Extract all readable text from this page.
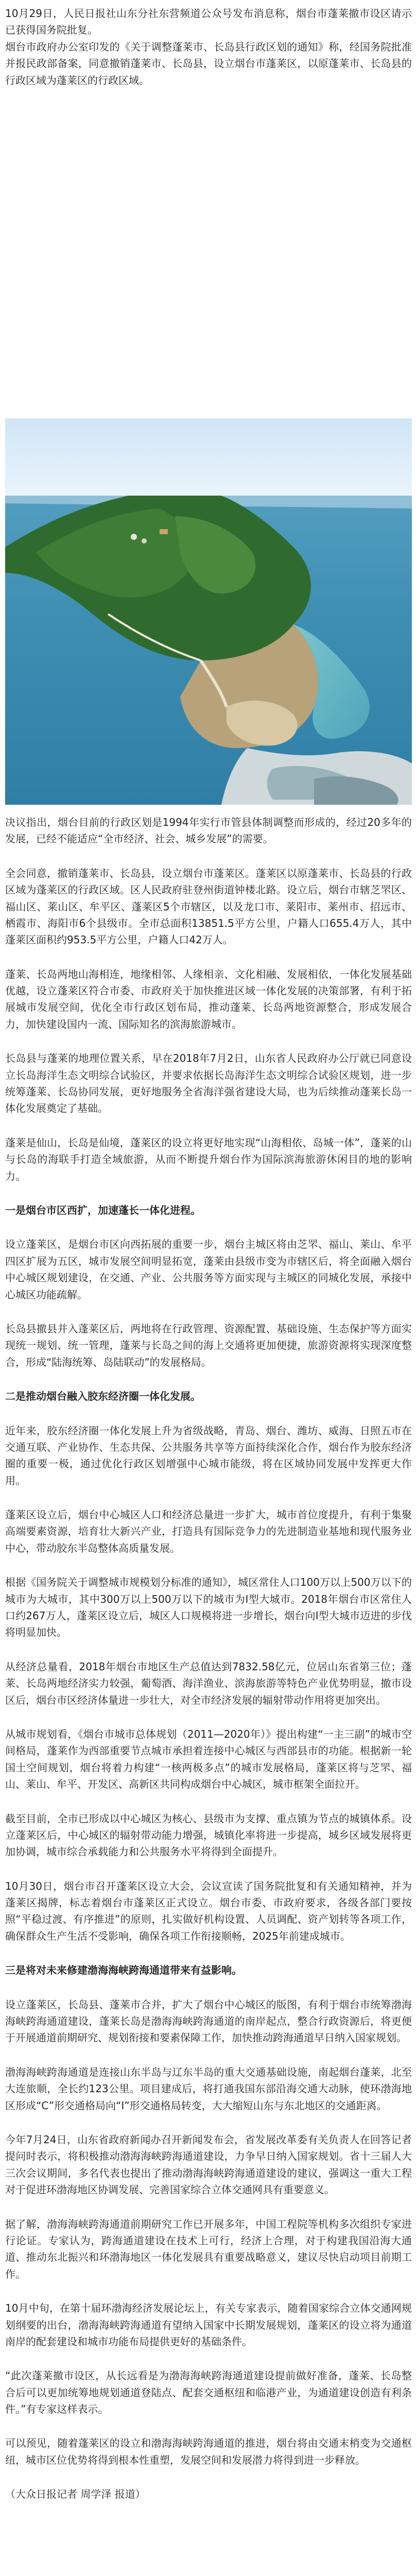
10月29日，人民日报社山东分社东营频道公众号发布消息称，烟台市蓬莱撤市设区请示已获得国务院批复。

烟台市政府办公室印发的《关于调整蓬莱市、长岛县行政区划的通知》称，经国务院批准并报民政部备案，同意撤销蓬莱市、长岛县，设立烟台市蓬莱区，以原蓬莱市、长岛县的行政区域为蓬莱区的行政区域。

决议指出，烟台目前的行政区划是1994年实行市管县体制调整而形成的，经过20多年的发展，已经不能适应“全市经济、社会、城乡发展”的需要。

全会同意，撤销蓬莱市、长岛县，设立烟台市蓬莱区。蓬莱区以原蓬莱市、长岛县的行政区域为蓬莱区的行政区域。区人民政府驻登州街道钟楼北路。设立后，烟台市辖芝罘区、福山区、莱山区、牟平区、蓬莱区5个市辖区，以及龙口市、莱阳市、莱州市、招远市、栖霞市、海阳市6个县级市。全市总面积13851.5平方公里，户籍人口655.4万人，其中蓬莱区面积约953.5平方公里，户籍人口42万人。

蓬莱、长岛两地山海相连，地缘相邻、人缘相亲、文化相融、发展相依，一体化发展基础优越，设立蓬莱区符合市委、市政府关于加快推进区域一体化发展的决策部署，有利于拓展城市发展空间，优化全市行政区划布局，推动蓬莱、长岛两地资源整合，形成发展合力，加快建设国内一流、国际知名的滨海旅游城市。

长岛县与蓬莱的地理位置关系，早在2018年7月2日，山东省人民政府办公厅就已同意设立长岛海洋生态文明综合试验区，并要求依据长岛海洋生态文明综合试验区规划，进一步统筹蓬莱、长岛协同发展，更好地服务全省海洋强省建设大局，也为后续推动蓬莱长岛一体化发展奠定了基础。

蓬莱是仙山，长岛是仙境，蓬莱区的设立将更好地实现“山海相依、岛城一体”，蓬莱的山与长岛的海联手打造全域旅游，从而不断提升烟台作为国际滨海旅游休闲目的地的影响力。

一是烟台市区西扩，加速蓬长一体化进程。

设立蓬莱区，是烟台市区向西拓展的重要一步，烟台主城区将由芝罘、福山、莱山、牟平四区扩展为五区，城市发展空间明显拓宽，蓬莱由县级市变为市辖区后，将全面融入烟台中心城区规划建设，在交通、产业、公共服务等方面实现与主城区的同城化发展，承接中心城区功能疏解。

长岛县撤县并入蓬莱区后，两地将在行政管理、资源配置、基础设施、生态保护等方面实现统一规划、统一管理，蓬莱与长岛之间的海上交通将更加便捷，旅游资源将实现深度整合，形成“陆海统筹、岛陆联动”的发展格局。

二是推动烟台融入胶东经济圈一体化发展。

近年来，胶东经济圈一体化发展上升为省级战略，青岛、烟台、潍坊、威海、日照五市在交通互联、产业协作、生态共保、公共服务共享等方面持续深化合作，烟台作为胶东经济圈的重要一极，通过优化行政区划增强中心城市能级，将在区域协同发展中发挥更大作用。

蓬莱区设立后，烟台中心城区人口和经济总量进一步扩大，城市首位度提升，有利于集聚高端要素资源，培育壮大新兴产业，打造具有国际竞争力的先进制造业基地和现代服务业中心，带动胶东半岛整体高质量发展。

根据《国务院关于调整城市规模划分标准的通知》，城区常住人口100万以上500万以下的城市为大城市，其中300万以上500万以下的城市为I型大城市。2018年烟台市区常住人口约267万人，蓬莱区设立后，城区人口规模将进一步增长，烟台向I型大城市迈进的步伐将明显加快。

从经济总量看，2018年烟台市地区生产总值达到7832.58亿元，位居山东省第三位；蓬莱、长岛两地经济实力较强，葡萄酒、海洋渔业、滨海旅游等特色产业优势明显，撤市设区后，烟台市区经济体量进一步壮大，对全市经济发展的辐射带动作用将更加突出。

从城市规划看，《烟台市城市总体规划（2011—2020年）》提出构建“一主三副”的城市空间格局，蓬莱作为西部重要节点城市承担着连接中心城区与西部县市的功能。根据新一轮国土空间规划，烟台将着力构建“一核两极多点”的城市发展格局，蓬莱区将与芝罘、福山、莱山、牟平、开发区、高新区共同构成烟台中心城区，城市框架全面拉开。

截至目前，全市已形成以中心城区为核心、县级市为支撑、重点镇为节点的城镇体系。设立蓬莱区后，中心城区的辐射带动能力增强，城镇化率将进一步提高，城乡区域发展将更加协调，城市综合承载能力和公共服务水平将得到全面提升。

10月30日，烟台市召开蓬莱区设立大会，会议宣读了国务院批复和有关通知精神，并为蓬莱区揭牌，标志着烟台市蓬莱区正式设立。烟台市委、市政府要求，各级各部门要按照“平稳过渡、有序推进”的原则，扎实做好机构设置、人员调配、资产划转等各项工作，确保群众生产生活不受影响，确保各项工作衔接顺畅，2025年前建成城市。

三是将对未来修建渤海海峡跨海通道带来有益影响。

设立蓬莱区，长岛县、蓬莱市合并，扩大了烟台中心城区的版图，有利于烟台市统筹渤海海峡跨海通道建设，蓬莱长岛是渤海海峡跨海通道的南岸起点，整合行政资源后，将更便于开展通道前期研究、规划衔接和要素保障工作，加快推动跨海通道早日纳入国家规划。

渤海海峡跨海通道是连接山东半岛与辽东半岛的重大交通基础设施，南起烟台蓬莱，北至大连旅顺，全长约123公里。项目建成后，将打通我国东部沿海交通大动脉，使环渤海地区形成“C”形交通格局向“I”形交通格局转变，大大缩短山东与东北地区的交通距离。

今年7月24日，山东省政府新闻办召开新闻发布会，省发展改革委有关负责人在回答记者提问时表示，将积极推动渤海海峡跨海通道建设，力争早日纳入国家规划。省十三届人大三次会议期间，多名代表也提出了推动渤海海峡跨海通道建设的建议，强调这一重大工程对于促进环渤海地区协调发展、完善国家综合立体交通网具有重要意义。

据了解，渤海海峡跨海通道前期研究工作已开展多年，中国工程院等机构多次组织专家进行论证。专家认为，跨海通道建设在技术上可行，经济上合理，对于构建我国沿海大通道、推动东北振兴和环渤海地区一体化发展具有重要战略意义，建议尽快启动项目前期工作。

10月中旬，在第十届环渤海经济发展论坛上，有关专家表示，随着国家综合立体交通网规划纲要的出台，渤海海峡跨海通道有望纳入国家中长期发展规划，蓬莱区的设立将为通道南岸的配套建设和城市功能布局提供更好的基础条件。

“此次蓬莱撤市设区，从长远看是为渤海海峡跨海通道建设提前做好准备，蓬莱、长岛整合后可以更加统筹地规划通道登陆点、配套交通枢纽和临港产业，为通道建设创造有利条件。”有专家这样表示。

可以预见，随着蓬莱区的设立和渤海海峡跨海通道的推进，烟台将由交通末梢变为交通枢纽，城市区位优势将得到根本性重塑，发展空间和发展潜力将得到进一步释放。

（大众日报记者 周学泽 报道）
